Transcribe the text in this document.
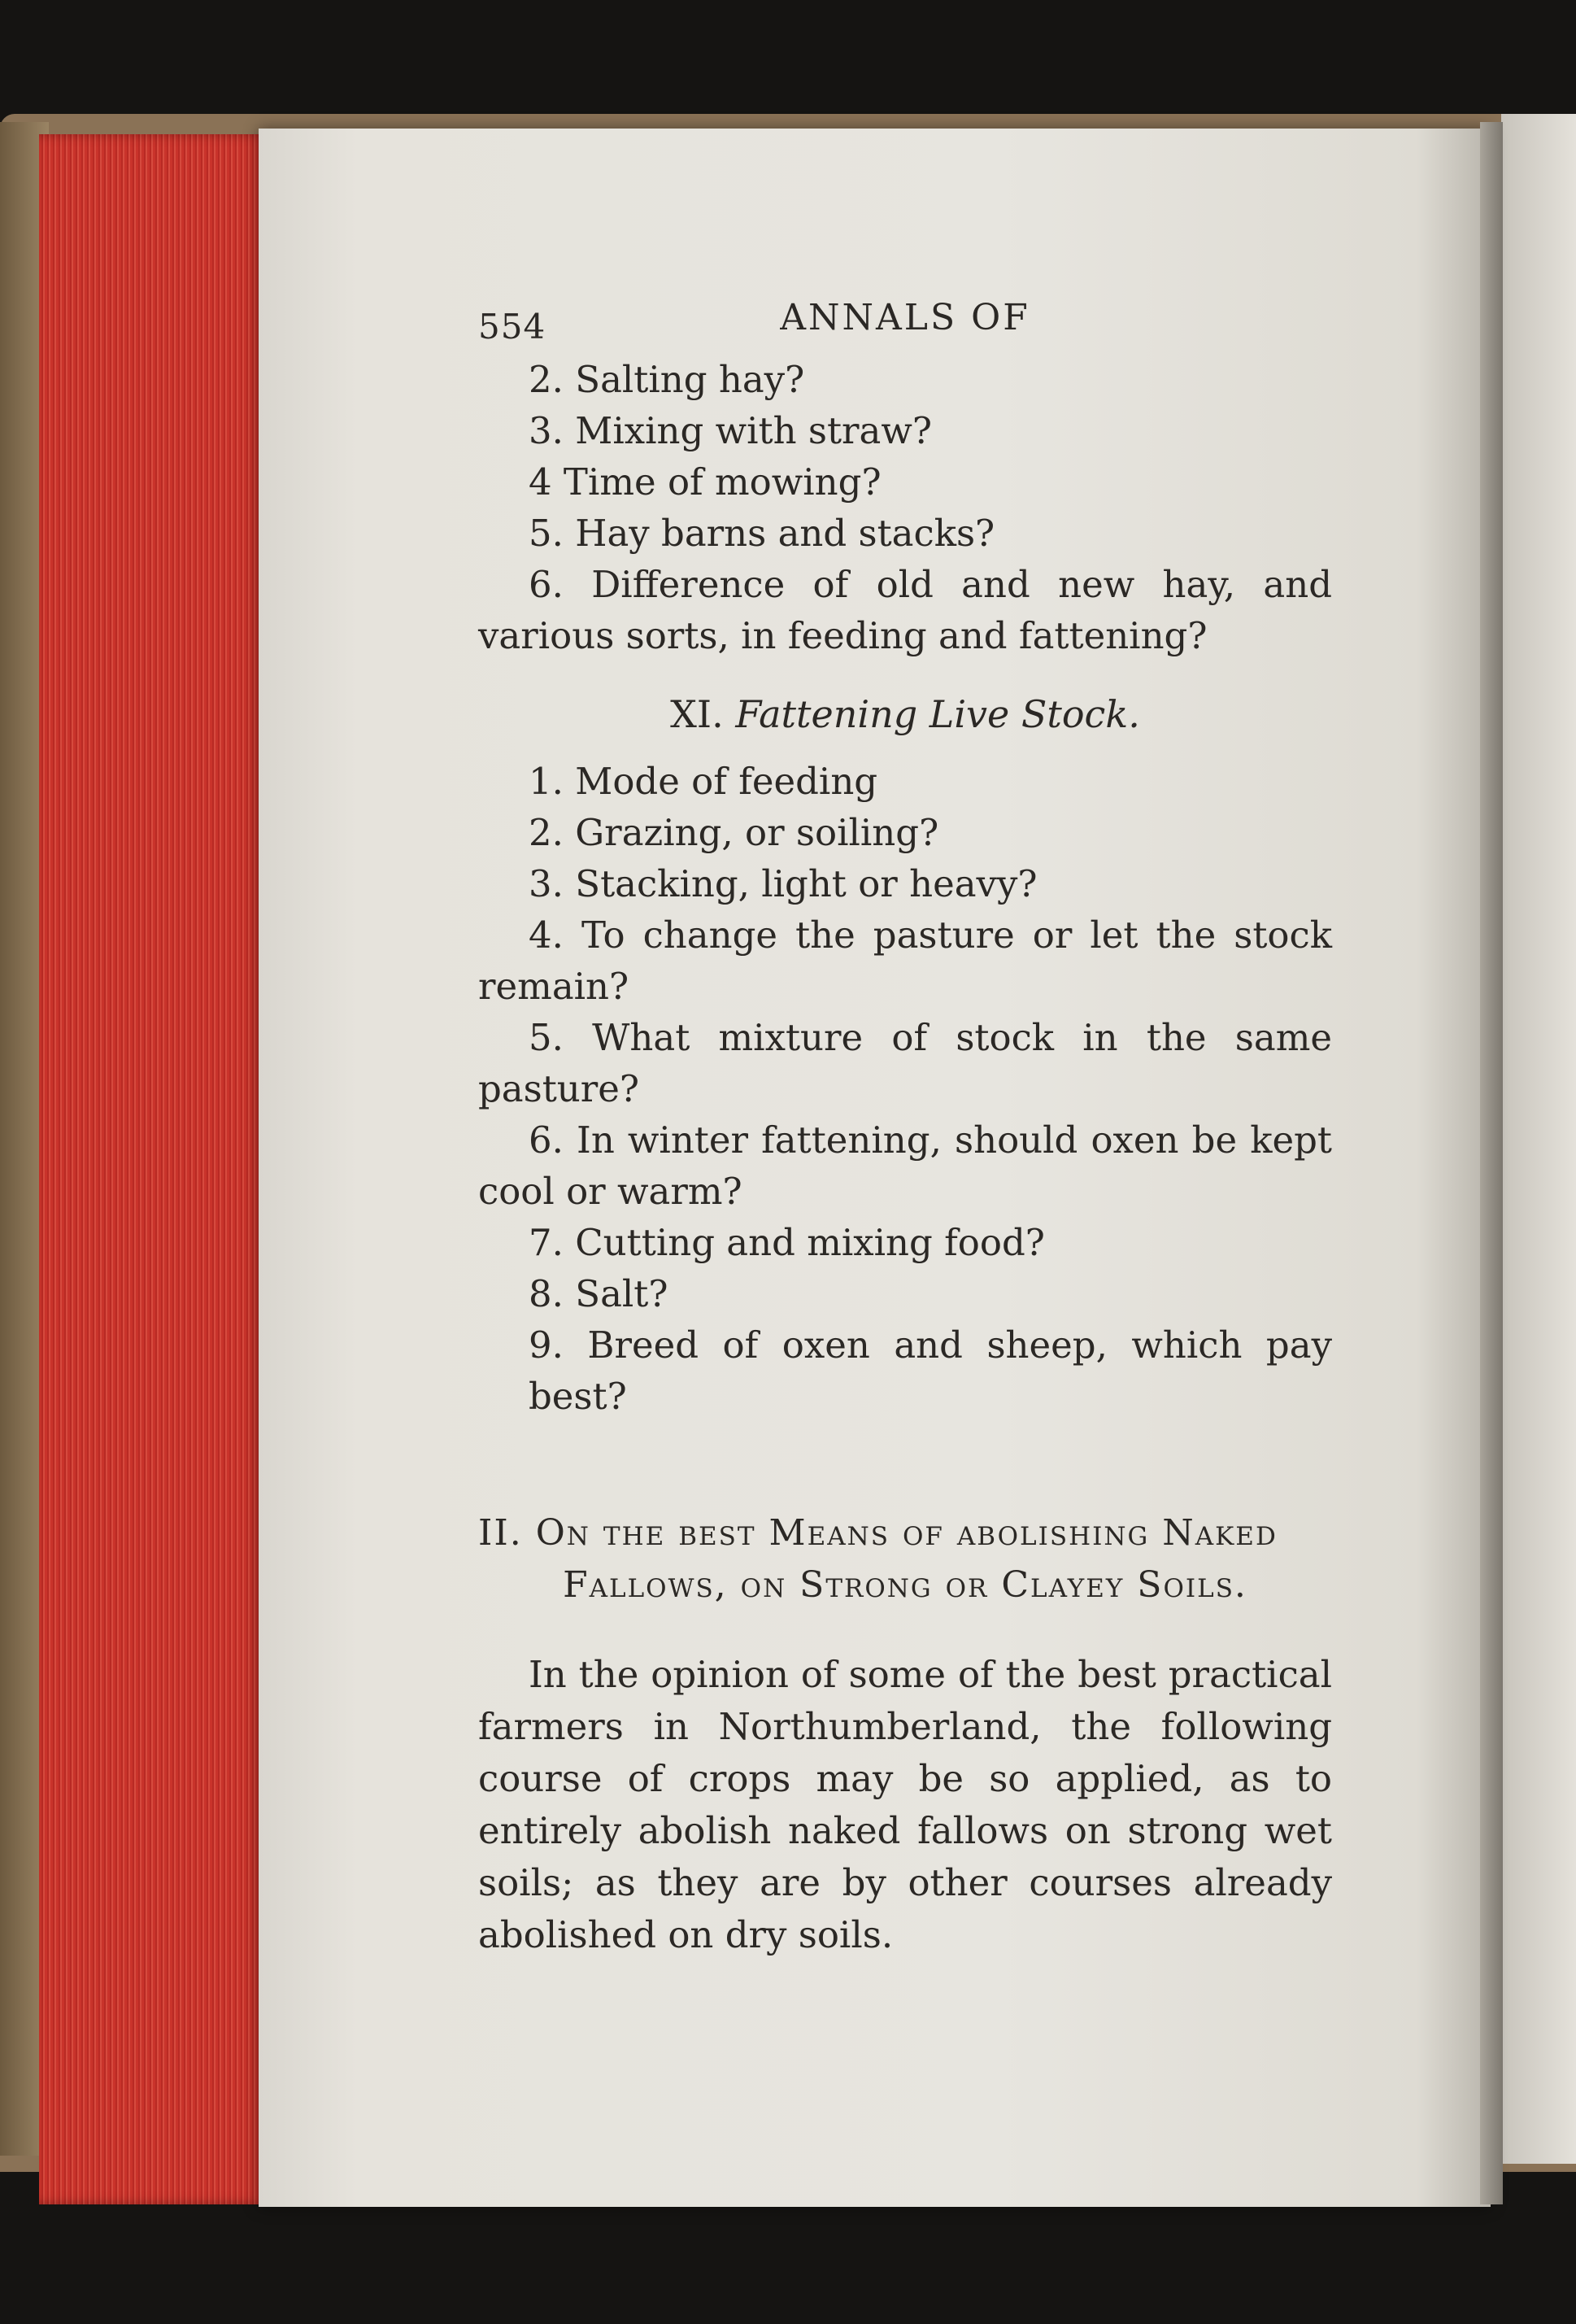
554	ANNALS OF

2. Salting hay?

3. Mixing with straw?

4 Time of mowing?

5. Hay barns and stacks?

6. Difference of old and new hay, and various sorts, in feeding and fattening?

XI. Fattening Live Stock.

1. Mode of feeding

2. Grazing, or soiling?

3. Stacking, light or heavy?

4. To change the pasture or let the stock remain?

5. What mixture of stock in the same pasture?

6. In winter fattening, should oxen be kept cool or warm?

7. Cutting and mixing food?

8. Salt?

9. Breed of oxen and sheep, which pay best?

II. On the best Means of abolishing Naked
Fallows, on Strong or Clayey Soils.

In the opinion of some of the best practical farmers in Northumberland, the following course of crops may be so applied, as to entirely abolish naked fallows on strong wet soils; as they are by other courses already abolished on dry soils.
